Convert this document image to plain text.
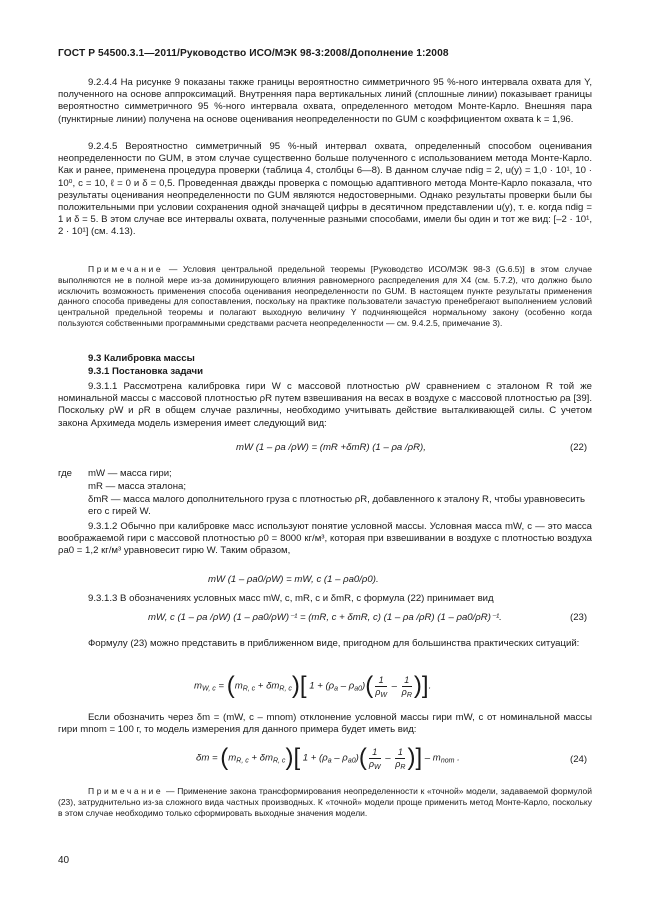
ГОСТ Р 54500.3.1—2011/Руководство ИСО/МЭК 98-3:2008/Дополнение 1:2008
9.2.4.4 На рисунке 9 показаны также границы вероятностно симметричного 95 %-ного интервала охвата для Y, полученного на основе аппроксимаций. Внутренняя пара вертикальных линий (сплошные линии) показывает границы вероятностно симметричного 95 %-ного интервала охвата, определенного методом Монте-Карло. Внешняя пара (пунктирные линии) получена на основе оценивания неопределенности по GUM с коэффициентом охвата k = 1,96.
9.2.4.5 Вероятностно симметричный 95 %-ный интервал охвата, определенный способом оценивания неопределенности по GUM, в этом случае существенно больше полученного с использованием метода Монте-Карло. Как и ранее, применена процедура проверки (таблица 4, столбцы 6—8). В данном случае ndig = 2, u(y) = 1,0 · 10¹, 10 · 10⁰, c = 10, ℓ = 0 и δ = 0,5. Проведенная дважды проверка с помощью адаптивного метода Монте-Карло показала, что результаты оценивания неопределенности по GUM являются недостоверными. Однако результаты проверки были бы положительными при условии сохранения одной значащей цифры в десятичном представлении u(y), т. е. когда ndig = 1 и δ = 5. В этом случае все интервалы охвата, полученные разными способами, имели бы один и тот же вид: [–2 · 10¹, 2 · 10¹] (см. 4.13).
Примечание — Условия центральной предельной теоремы [Руководство ИСО/МЭК 98-3 (G.6.5)] в этом случае выполняются не в полной мере из-за доминирующего влияния равномерного распределения для X4 (см. 5.7.2), что должно было исключить возможность применения способа оценивания неопределенности по GUM. В настоящем пункте результаты применения данного способа приведены для сопоставления, поскольку на практике пользователи зачастую пренебрегают выполнением условий центральной предельной теоремы и полагают выходную величину Y подчиняющейся нормальному закону (особенно когда пользуются собственными программными средствами расчета неопределенности — см. 9.4.2.5, примечание 3).
9.3 Калибровка массы
9.3.1 Постановка задачи
9.3.1.1 Рассмотрена калибровка гири W с массовой плотностью ρW сравнением с эталоном R той же номинальной массы с массовой плотностью ρR путем взвешивания на весах в воздухе с массовой плотностью ρa [39]. Поскольку ρW и ρR в общем случае различны, необходимо учитывать действие выталкивающей силы. С учетом закона Архимеда модель измерения имеет следующий вид:
mW (1 – ρa /ρW) = (mR +δmR) (1 – ρa /ρR),	(22)
где mW — масса гири;
mR — масса эталона;
δmR — масса малого дополнительного груза с плотностью ρR, добавленного к эталону R, чтобы уравновесить его с гирей W.
9.3.1.2 Обычно при калибровке масс используют понятие условной массы. Условная масса mW, c — это масса воображаемой гири с массовой плотностью ρ0 = 8000 кг/м³, которая при взвешивании в воздухе с плотностью воздуха ρa0 = 1,2 кг/м³ уравновесит гирю W. Таким образом,
mW (1 – ρa0/ρW) = mW, c (1 – ρa0/ρ0).
9.3.1.3 В обозначениях условных масс mW, c, mR, c и δmR, c формула (22) принимает вид
mW, c (1 – ρa /ρW) (1 – ρa0/ρW)⁻¹ = (mR, c + δmR, c) (1 – ρa /ρR) (1 – ρa0/ρR)⁻¹.	(23)
Формулу (23) можно представить в приближенном виде, пригодном для большинства практических ситуаций:
$m_{W, c} = (m_{R, c} + \delta m_{R, c})$[ $1 + (\rho_a - \rho_{a0})( \frac{1}{\rho_W} - \frac{1}{\rho_R}$ )].
Если обозначить через δm = (mW, c – mnom) отклонение условной массы гири mW, c от номинальной массы гири mnom = 100 г, то модель измерения для данного примера будет иметь вид:
$\delta m = (m_{R, c} + \delta m_{R, c})$[ $1 + (\rho_a - \rho_{a0})( \frac{1}{\rho_W} - \frac{1}{\rho_R}$ )] – $m_{nom}$ .	(24)
Примечание — Применение закона трансформирования неопределенности к «точной» модели, задаваемой формулой (23), затруднительно из-за сложного вида частных производных. К «точной» модели проще применить метод Монте-Карло, поскольку в этом случае необходимо только сформировать выходные значения модели.
40
